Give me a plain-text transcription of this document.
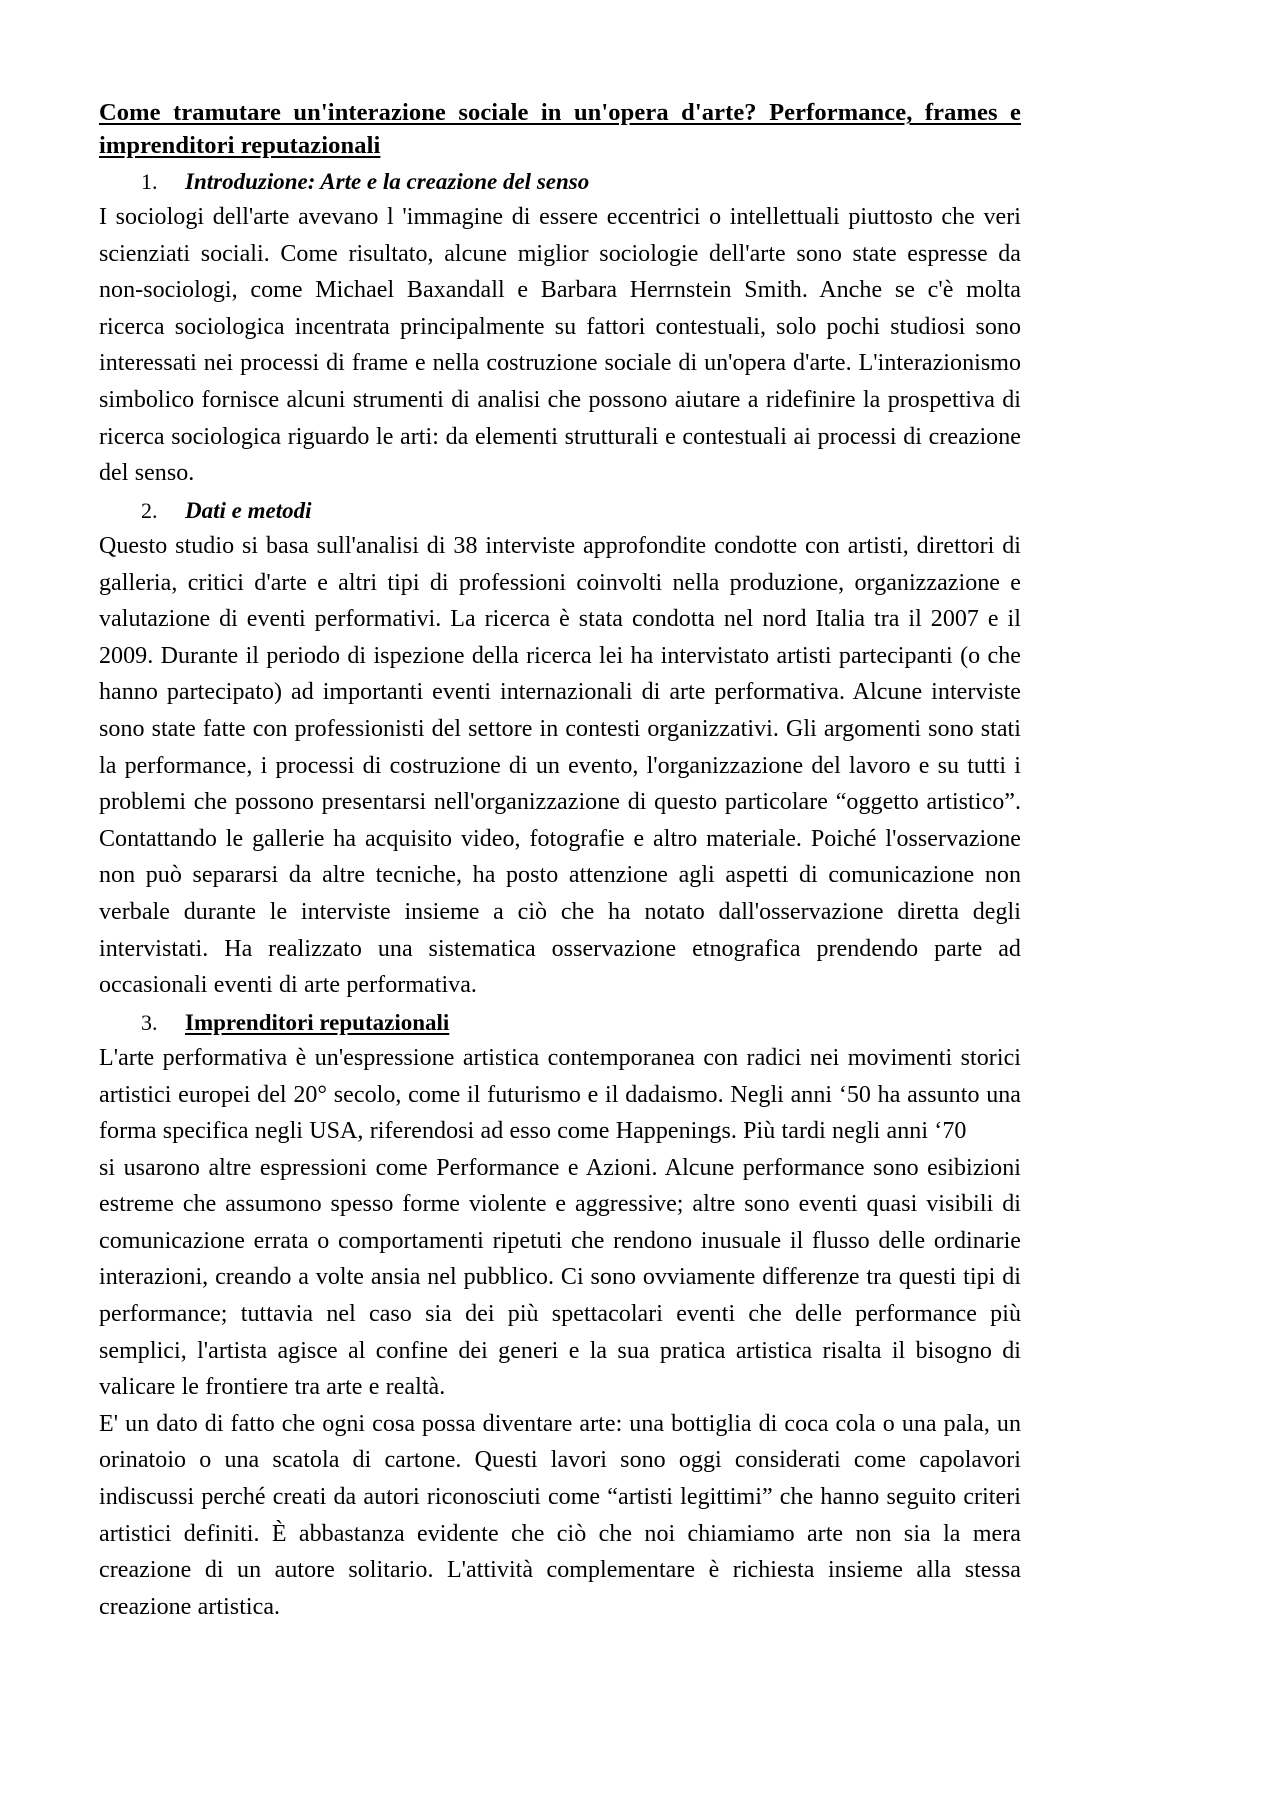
Come tramutare un'interazione sociale in un'opera d'arte? Performance, frames e
imprenditori reputazionali
1. Introduzione: Arte e la creazione del senso

I sociologi dell'arte avevano l 'immagine di essere eccentrici o intellettuali piuttosto che veri scienziati sociali. Come risultato, alcune miglior sociologie dell'arte sono state espresse da non-sociologi, come Michael Baxandall e Barbara Herrnstein Smith. Anche se c'è molta ricerca sociologica incentrata principalmente su fattori contestuali, solo pochi studiosi sono interessati nei processi di frame e nella costruzione sociale di un'opera d'arte. L'interazionismo simbolico fornisce alcuni strumenti di analisi che possono aiutare a ridefinire la prospettiva di ricerca sociologica riguardo le arti: da elementi strutturali e contestuali ai processi di creazione del senso.

2. Dati e metodi

Questo studio si basa sull'analisi di 38 interviste approfondite condotte con artisti, direttori di galleria, critici d'arte e altri tipi di professioni coinvolti nella produzione, organizzazione e valutazione di eventi performativi. La ricerca è stata condotta nel nord Italia tra il 2007 e il 2009. Durante il periodo di ispezione della ricerca lei ha intervistato artisti partecipanti (o che hanno partecipato) ad importanti eventi internazionali di arte performativa. Alcune interviste sono state fatte con professionisti del settore in contesti organizzativi. Gli argomenti sono stati la performance, i processi di costruzione di un evento, l'organizzazione del lavoro e su tutti i problemi che possono presentarsi nell'organizzazione di questo particolare “oggetto artistico”. Contattando le gallerie ha acquisito video, fotografie e altro materiale. Poiché l'osservazione non può separarsi da altre tecniche, ha posto attenzione agli aspetti di comunicazione non verbale durante le interviste insieme a ciò che ha notato dall'osservazione diretta degli intervistati. Ha realizzato una sistematica osservazione etnografica prendendo parte ad occasionali eventi di arte performativa.

3. Imprenditori reputazionali

L'arte performativa è un'espressione artistica contemporanea con radici nei movimenti storici artistici europei del 20° secolo, come il futurismo e il dadaismo. Negli anni ‘50 ha assunto una forma specifica negli USA, riferendosi ad esso come Happenings. Più tardi negli anni ‘70

si usarono altre espressioni come Performance e Azioni. Alcune performance sono esibizioni estreme che assumono spesso forme violente e aggressive; altre sono eventi quasi visibili di comunicazione errata o comportamenti ripetuti che rendono inusuale il flusso delle ordinarie interazioni, creando a volte ansia nel pubblico. Ci sono ovviamente differenze tra questi tipi di performance; tuttavia nel caso sia dei più spettacolari eventi che delle performance più semplici, l'artista agisce al confine dei generi e la sua pratica artistica risalta il bisogno di valicare le frontiere tra arte e realtà.

E' un dato di fatto che ogni cosa possa diventare arte: una bottiglia di coca cola o una pala, un orinatoio o una scatola di cartone. Questi lavori sono oggi considerati come capolavori indiscussi perché creati da autori riconosciuti come “artisti legittimi” che hanno seguito criteri artistici definiti. È abbastanza evidente che ciò che noi chiamiamo arte non sia la mera creazione di un autore solitario. L'attività complementare è richiesta insieme alla stessa creazione artistica.
